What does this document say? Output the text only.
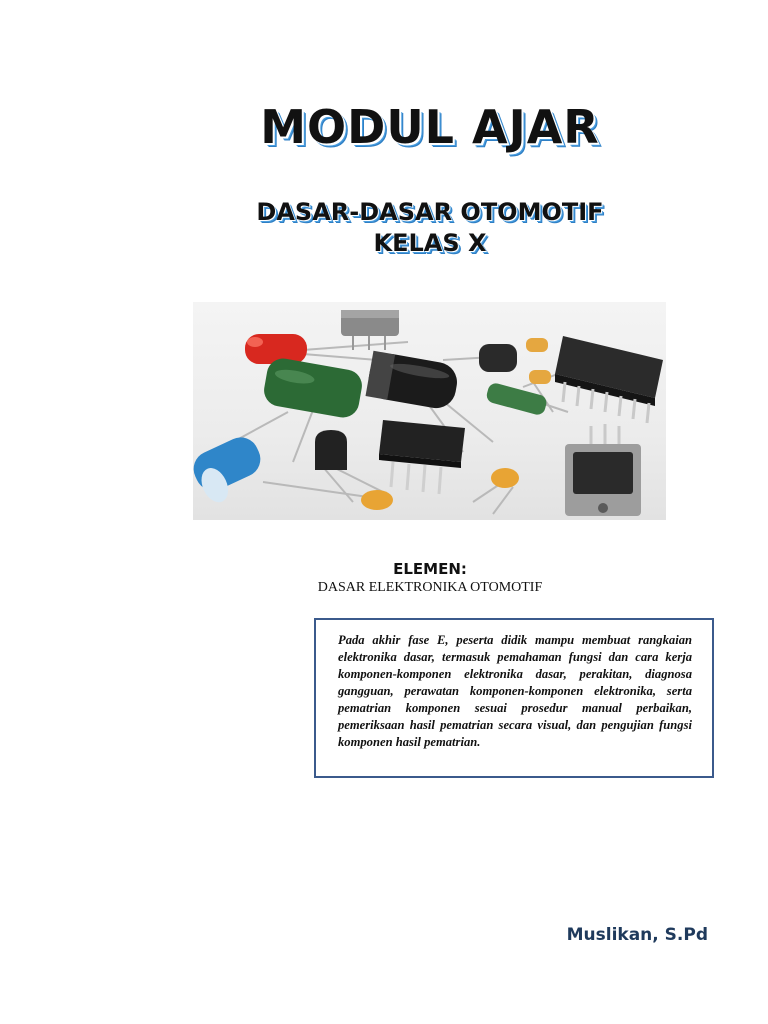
MODUL AJAR
DASAR-DASAR OTOMOTIF
KELAS X
ELEMEN:
DASAR ELEKTRONIKA OTOMOTIF

Pada akhir fase E, peserta didik mampu membuat rangkaian elektronika dasar, termasuk pemahaman fungsi dan cara kerja komponen-komponen elektronika dasar, perakitan, diagnosa gangguan, perawatan komponen-komponen elektronika, serta pematrian komponen sesuai prosedur manual perbaikan, pemeriksaan hasil pematrian secara visual, dan pengujian fungsi komponen hasil pematrian.

Muslikan, S.Pd
